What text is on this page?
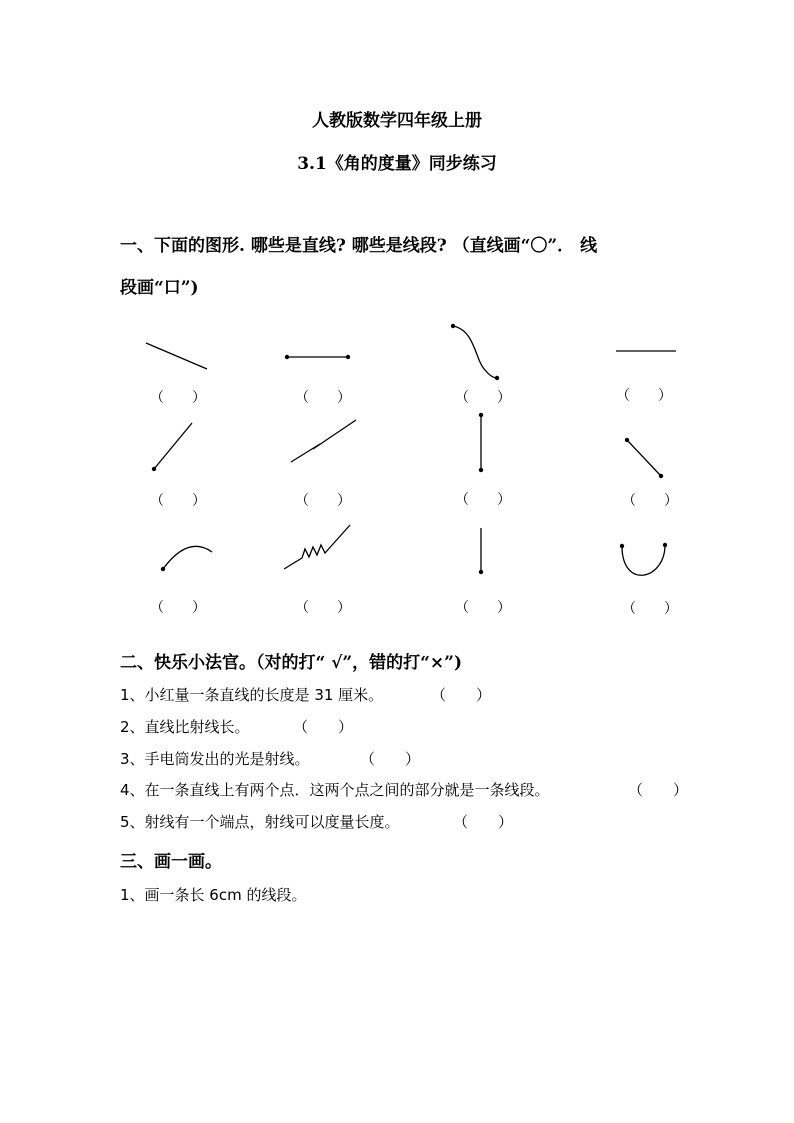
人教版数学四年级上册
3.1《角的度量》同步练习
一、下面的图形. 哪些是直线? 哪些是线段? （直线画“〇”． 线
段画“口”)
（　　）	（　　）	（　　）	（　　）
（　　）	（　　）	（　　）	（　　）
（　　）	（　　）	（　　）	（　　）
二、快乐小法官。（对的打“ √”，错的打“×”)
1、小红量一条直线的长度是 31 厘米。	（　　）
2、直线比射线长。	（　　）
3、手电筒发出的光是射线。	（　　）
4、在一条直线上有两个点．这两个点之间的部分就是一条线段。	（　　）
5、射线有一个端点，射线可以度量长度。	（　　）
三、画一画。
1、画一条长 6cm 的线段。
